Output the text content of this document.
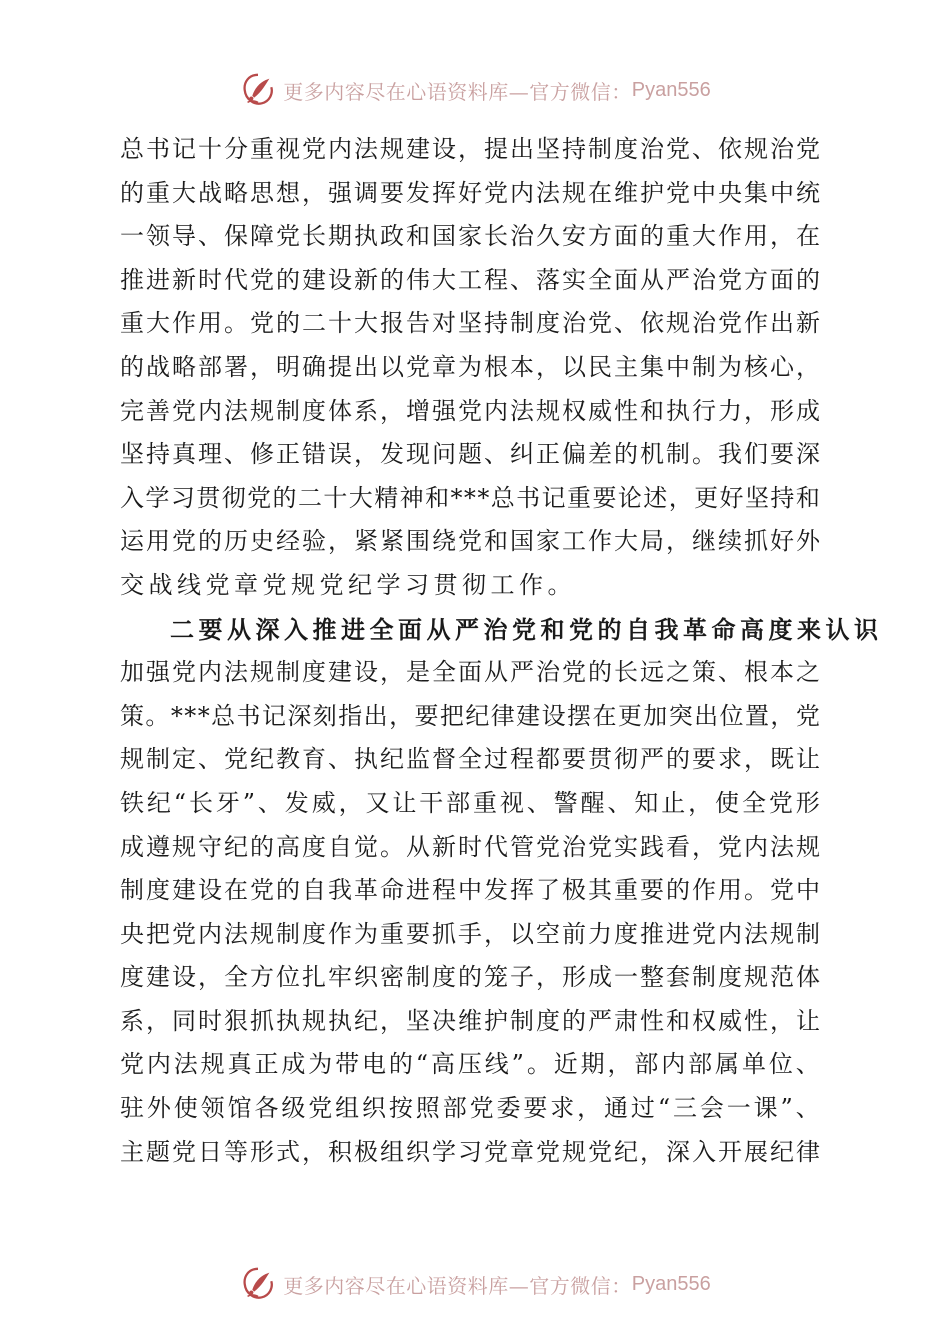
更多内容尽在心语资料库—官方微信： Pyan556
总 书 记 十 分 重 视 党 内 法 规 建 设 ， 提 出 坚 持 制 度 治 党 、 依 规 治 党
的 重 大 战 略 思 想 ， 强 调 要 发 挥 好 党 内 法 规 在 维 护 党 中 央 集 中 统
一 领 导 、 保 障 党 长 期 执 政 和 国 家 长 治 久 安 方 面 的 重 大 作 用 ， 在
推 进 新 时 代 党 的 建 设 新 的 伟 大 工 程 、 落 实 全 面 从 严 治 党 方 面 的
重 大 作 用 。 党 的 二 十 大 报 告 对 坚 持 制 度 治 党 、 依 规 治 党 作 出 新
的 战 略 部 署 ， 明 确 提 出 以 党 章 为 根 本 ， 以 民 主 集 中 制 为 核 心 ，
完 善 党 内 法 规 制 度 体 系 ， 增 强 党 内 法 规 权 威 性 和 执 行 力 ， 形 成
坚 持 真 理 、 修 正 错 误 ， 发 现 问 题 、 纠 正 偏 差 的 机 制 。 我 们 要 深
入 学 习 贯 彻 党 的 二 十 大 精 神 和 * * * 总 书 记 重 要 论 述 ， 更 好 坚 持 和
运 用 党 的 历 史 经 验 ， 紧 紧 围 绕 党 和 国 家 工 作 大 局 ， 继 续 抓 好 外
交战线党章党规党纪学习贯彻工作。
二要从深入推进全面从严治党和党的自我革命高度来认识
加 强 党 内 法 规 制 度 建 设 ， 是 全 面 从 严 治 党 的 长 远 之 策 、 根 本 之
策 。 * * * 总 书 记 深 刻 指 出 ， 要 把 纪 律 建 设 摆 在 更 加 突 出 位 置 ， 党
规 制 定 、 党 纪 教 育 、 执 纪 监 督 全 过 程 都 要 贯 彻 严 的 要 求 ， 既 让
铁 纪 “ 长 牙 ” 、 发 威 ， 又 让 干 部 重 视 、 警 醒 、 知 止 ， 使 全 党 形
成 遵 规 守 纪 的 高 度 自 觉 。 从 新 时 代 管 党 治 党 实 践 看 ， 党 内 法 规
制 度 建 设 在 党 的 自 我 革 命 进 程 中 发 挥 了 极 其 重 要 的 作 用 。 党 中
央 把 党 内 法 规 制 度 作 为 重 要 抓 手 ， 以 空 前 力 度 推 进 党 内 法 规 制
度 建 设 ， 全 方 位 扎 牢 织 密 制 度 的 笼 子 ， 形 成 一 整 套 制 度 规 范 体
系 ， 同 时 狠 抓 执 规 执 纪 ， 坚 决 维 护 制 度 的 严 肃 性 和 权 威 性 ， 让
党 内 法 规 真 正 成 为 带 电 的 “ 高 压 线 ” 。 近 期 ， 部 内 部 属 单 位 、
驻 外 使 领 馆 各 级 党 组 织 按 照 部 党 委 要 求 ， 通 过 “ 三 会 一 课 ” 、
主 题 党 日 等 形 式 ， 积 极 组 织 学 习 党 章 党 规 党 纪 ， 深 入 开 展 纪 律
更多内容尽在心语资料库—官方微信： Pyan556
